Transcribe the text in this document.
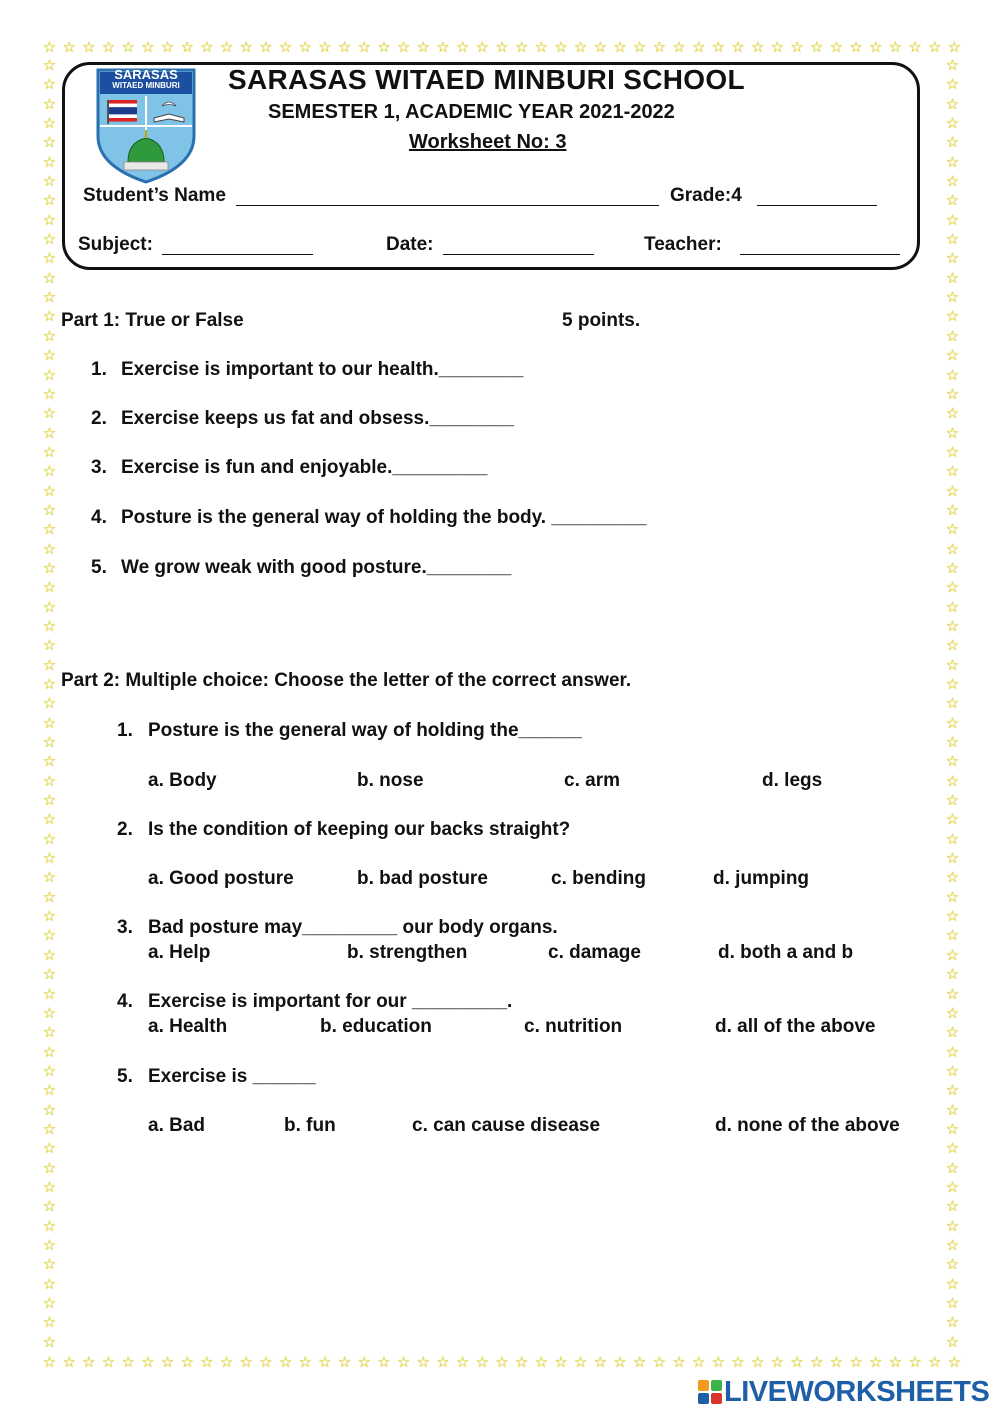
☆ ☆ ☆ ☆ ☆ ☆ ☆ ☆ ☆ ☆ ☆ ☆ ☆ ☆ ☆ ☆ ☆ ☆ ☆ ☆ ☆ ☆ ☆ ☆ ☆ ☆ ☆ ☆ ☆ ☆ ☆ ☆ ☆ ☆ ☆ ☆ ☆ ☆ ☆ ☆ ☆ ☆ ☆ ☆ ☆ ☆ ☆
☆ ☆ ☆ ☆ ☆ ☆ ☆ ☆ ☆ ☆ ☆ ☆ ☆ ☆ ☆ ☆ ☆ ☆ ☆ ☆ ☆ ☆ ☆ ☆ ☆ ☆ ☆ ☆ ☆ ☆ ☆ ☆ ☆ ☆ ☆ ☆ ☆ ☆ ☆ ☆ ☆ ☆ ☆ ☆ ☆ ☆ ☆
☆
☆
☆
☆
☆
☆
☆
☆
☆
☆
☆
☆
☆
☆
☆
☆
☆
☆
☆
☆
☆
☆
☆
☆
☆
☆
☆
☆
☆
☆
☆
☆
☆
☆
☆
☆
☆
☆
☆
☆
☆
☆
☆
☆
☆
☆
☆
☆
☆
☆
☆
☆
☆
☆
☆
☆
☆
☆
☆
☆
☆
☆
☆
☆
☆
☆
☆
☆
☆
☆
☆
☆
☆
☆
☆
☆
☆
☆
☆
☆
☆
☆
☆
☆
☆
☆
☆
☆
☆
☆
☆
☆
☆
☆
☆
☆
☆
☆
☆
☆
☆
☆
☆
☆
☆
☆
☆
☆
☆
☆
☆
☆
☆
☆
☆
☆
☆
☆
☆
☆
☆
☆
☆
☆
☆
☆
☆
☆
☆
☆
☆
☆
☆
☆
SARASAS
WITAED MINBURI	SARASAS WITAED MINBURI SCHOOL
SEMESTER 1, ACADEMIC YEAR 2021-2022
Worksheet No: 3
Student’s Name	Grade:4
Subject:	Date:	Teacher:
Part 1: True or False	5 points.
1. Exercise is important to our health.________
2. Exercise keeps us fat and obsess.________
3. Exercise is fun and enjoyable._________
4. Posture is the general way of holding the body. _________
5. We grow weak with good posture.________
Part 2: Multiple choice: Choose the letter of the correct answer.
1. Posture is the general way of holding the______
a. Body	b. nose	c. arm	d. legs
2. Is the condition of keeping our backs straight?
a. Good posture	b. bad posture	c. bending	d. jumping
3. Bad posture may_________ our body organs.
a. Help	b. strengthen	c. damage	d. both a and b
4. Exercise is important for our _________.
a. Health	b. education	c. nutrition	d. all of the above
5. Exercise is ______
a. Bad	b. fun	c. can cause disease	d. none of the above
LIVEWORKSHEETS
